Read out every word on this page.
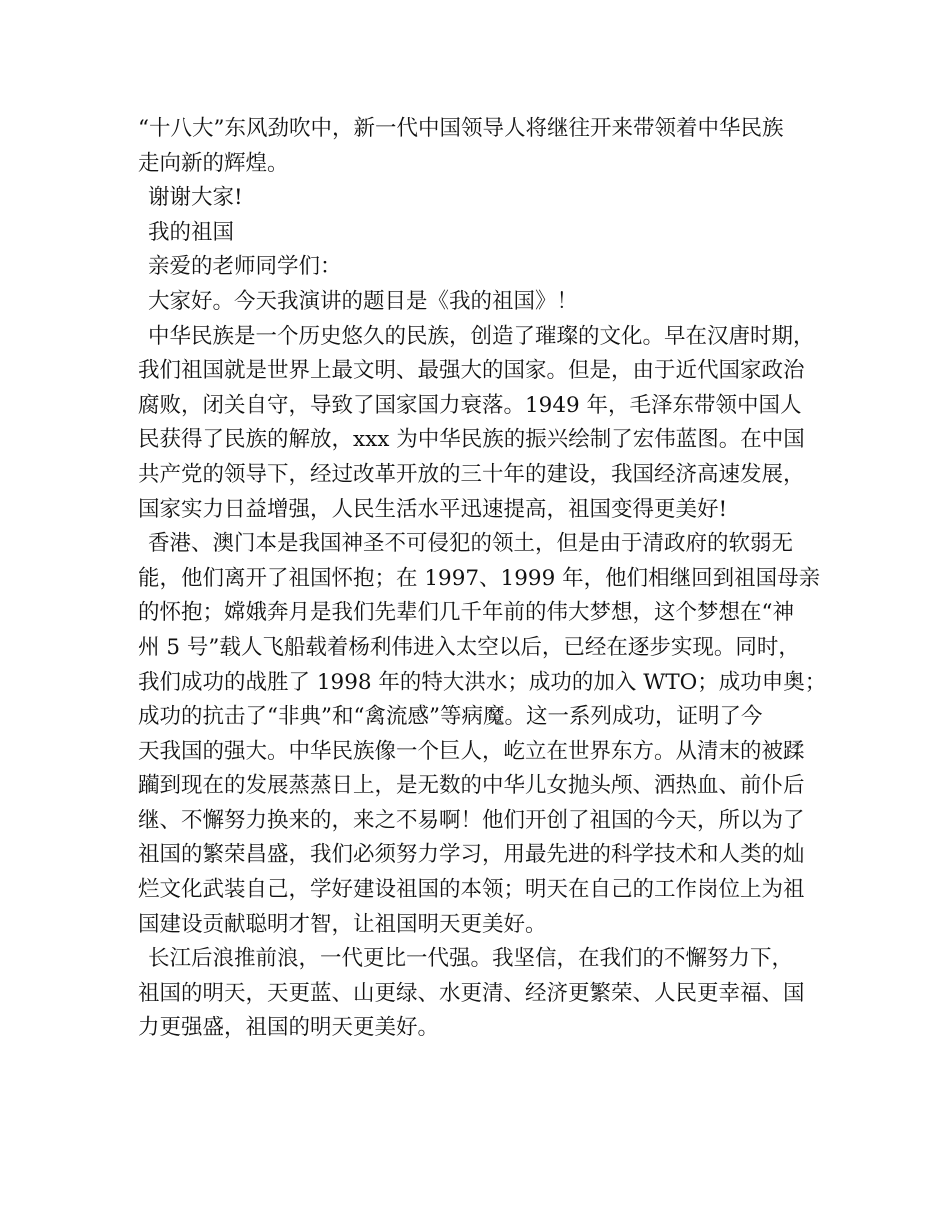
“十八大”东风劲吹中，新一代中国领导人将继往开来带领着中华民族
走向新的辉煌。
谢谢大家!
我的祖国
亲爱的老师同学们：
大家好。今天我演讲的题目是《我的祖国》！
中华民族是一个历史悠久的民族，创造了璀璨的文化。早在汉唐时期，
我们祖国就是世界上最文明、最强大的国家。但是，由于近代国家政治
腐败，闭关自守，导致了国家国力衰落。1949 年，毛泽东带领中国人
民获得了民族的解放，xxx 为中华民族的振兴绘制了宏伟蓝图。在中国
共产党的领导下，经过改革开放的三十年的建设，我国经济高速发展，
国家实力日益增强，人民生活水平迅速提高，祖国变得更美好!
香港、澳门本是我国神圣不可侵犯的领土，但是由于清政府的软弱无
能，他们离开了祖国怀抱；在 1997、1999 年，他们相继回到祖国母亲
的怀抱；嫦娥奔月是我们先辈们几千年前的伟大梦想，这个梦想在“神
州 5 号”载人飞船载着杨利伟进入太空以后，已经在逐步实现。同时，
我们成功的战胜了 1998 年的特大洪水；成功的加入 WTO；成功申奥；
成功的抗击了“非典”和“禽流感”等病魔。这一系列成功，证明了今
天我国的强大。中华民族像一个巨人，屹立在世界东方。从清末的被蹂
躏到现在的发展蒸蒸日上，是无数的中华儿女抛头颅、洒热血、前仆后
继、不懈努力换来的，来之不易啊！他们开创了祖国的今天，所以为了
祖国的繁荣昌盛，我们必须努力学习，用最先进的科学技术和人类的灿
烂文化武装自己，学好建设祖国的本领；明天在自己的工作岗位上为祖
国建设贡献聪明才智，让祖国明天更美好。
长江后浪推前浪，一代更比一代强。我坚信，在我们的不懈努力下，
祖国的明天，天更蓝、山更绿、水更清、经济更繁荣、人民更幸福、国
力更强盛，祖国的明天更美好。
